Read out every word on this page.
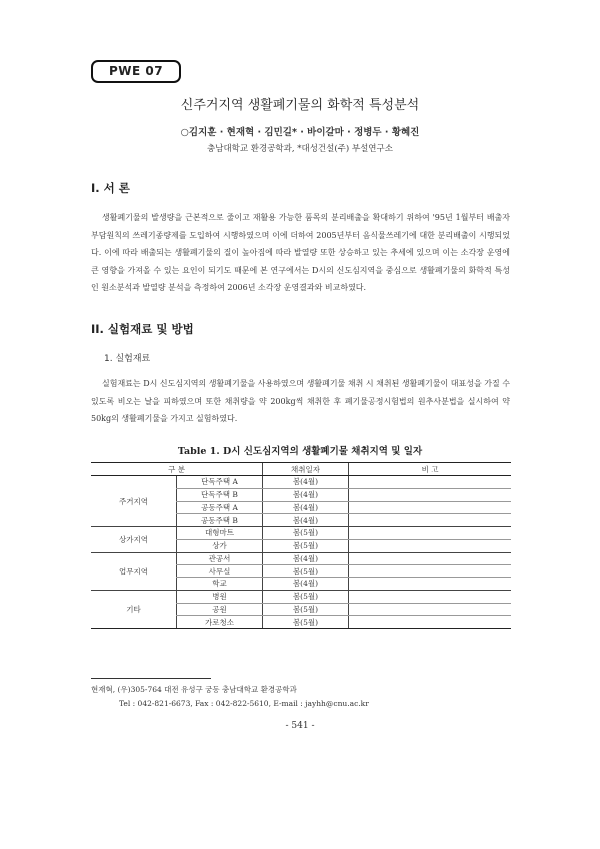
PWE 07
신주거지역 생활폐기물의 화학적 특성분석
○김지훈 · 현재혁 · 김민길* · 바이갈마 · 정병두 · 황혜진
충남대학교 환경공학과, *대성건설(주) 부설연구소
I. 서 론

생활폐기물의 발생량을 근본적으로 줄이고 재활용 가능한 품목의 분리배출을 확대하기 위하여 '95년 1월부터 배출자부담원칙의 쓰레기종량제를 도입하여 시행하였으며 이에 더하여 2005년부터 음식물쓰레기에 대한 분리배출이 시행되었다. 이에 따라 배출되는 생활폐기물의 질이 높아짐에 따라 발열량 또한 상승하고 있는 추세에 있으며 이는 소각장 운영에 큰 영향을 가져올 수 있는 요인이 되기도 때문에 본 연구에서는 D시의 신도심지역을 중심으로 생활폐기물의 화학적 특성인 원소분석과 발열량 분석을 측정하여 2006년 소각장 운영결과와 비교하였다.

II. 실험재료 및 방법
1. 실험재료

실험재료는 D시 신도심지역의 생활폐기물을 사용하였으며 생활폐기물 채취 시 채취된 생활폐기물이 대표성을 가질 수 있도록 비오는 날을 피하였으며 또한 채취량을 약 200kg씩 채취한 후 폐기물공정시험법의 원추사분법을 실시하여 약 50kg의 생활폐기물을 가지고 실험하였다.

Table 1. D시 신도심지역의 생활폐기물 채취지역 및 일자
구 분		채취일자	비 고
주거지역	단독주택 A	봄(4월)	
	단독주택 B	봄(4월)	
	공동주택 A	봄(4월)	
	공동주택 B	봄(4월)	
상가지역	대형마트	봄(5월)	
	상가	봄(5월)	
업무지역	관공서	봄(4월)	
	사무실	봄(5월)	
	학교	봄(4월)	
기타	병원	봄(5월)	
	공원	봄(5월)	
	가로청소	봄(5월)	
현재혁, (우)305-764 대전 유성구 궁동 충남대학교 환경공학과
Tel : 042-821-6673, Fax : 042-822-5610, E-mail : jayhh@cnu.ac.kr
- 541 -
